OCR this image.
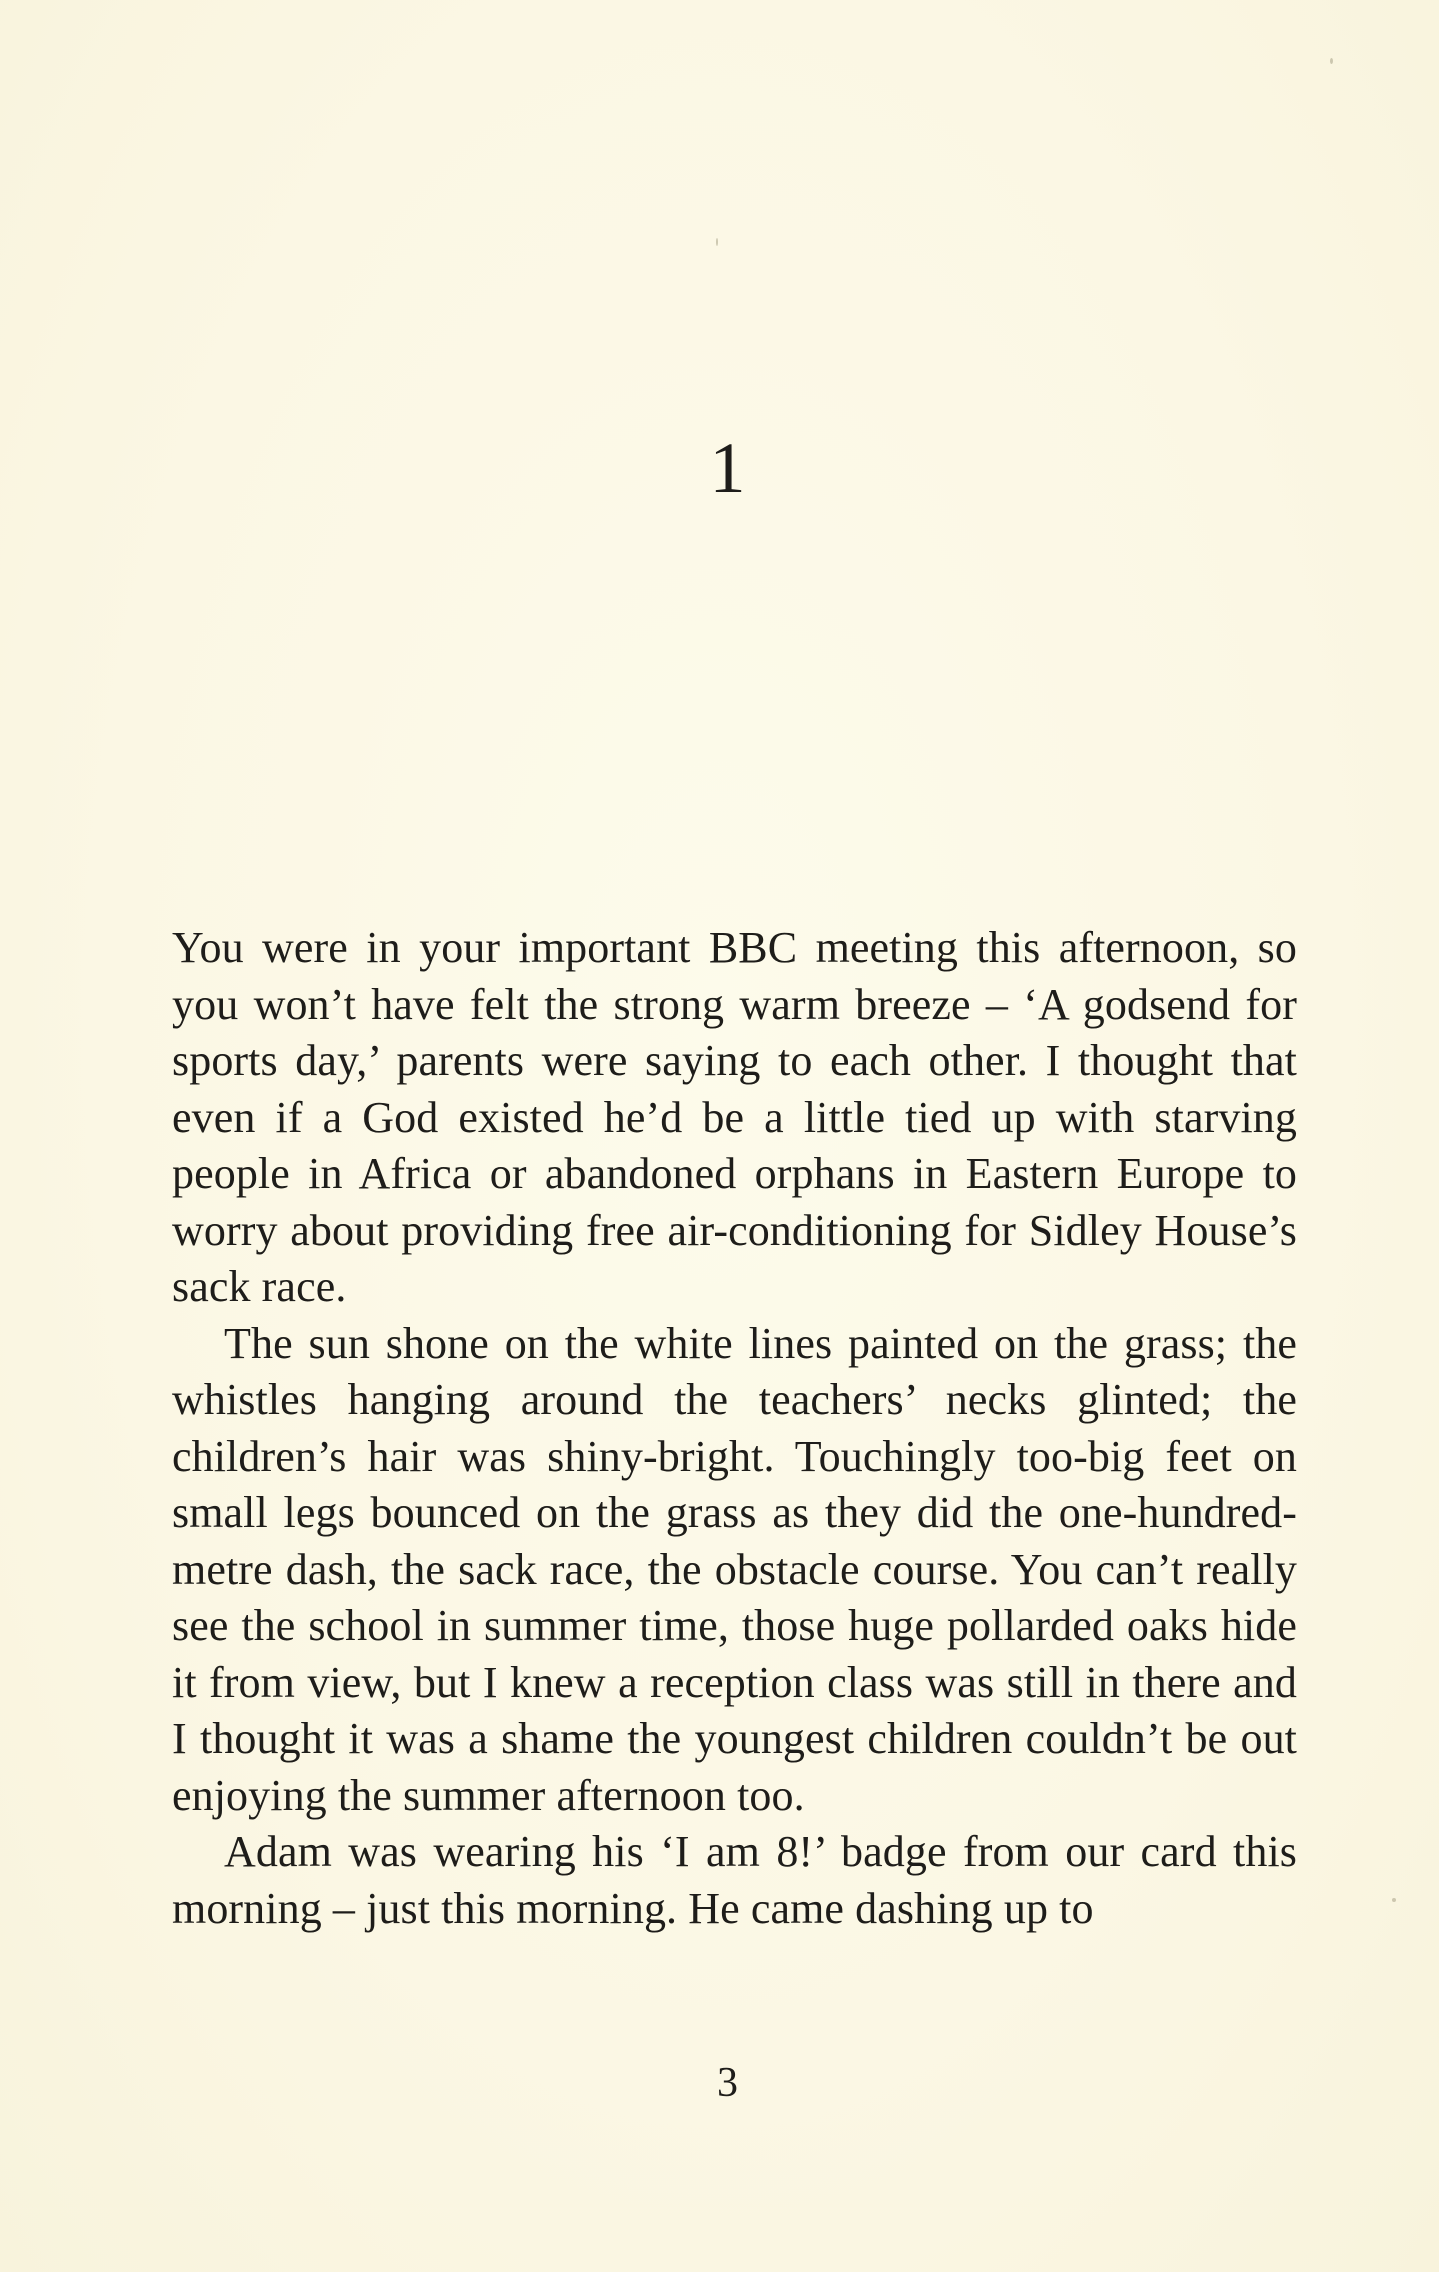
1

You were in your important BBC meeting this afternoon, so you won’t have felt the strong warm breeze – ‘A godsend for sports day,’ parents were saying to each other. I thought that even if a God existed he’d be a little tied up with starving people in Africa or abandoned orphans in Eastern Europe to worry about providing free air-conditioning for Sidley House’s sack race.

The sun shone on the white lines painted on the grass; the whistles hanging around the teachers’ necks glinted; the children’s hair was shiny-bright. Touchingly too-big feet on small legs bounced on the grass as they did the one-hundred-metre dash, the sack race, the obstacle course. You can’t really see the school in summer time, those huge pollarded oaks hide it from view, but I knew a reception class was still in there and I thought it was a shame the youngest children couldn’t be out enjoying the summer afternoon too.

Adam was wearing his ‘I am 8!’ badge from our card this morning – just this morning. He came dashing up to

3
